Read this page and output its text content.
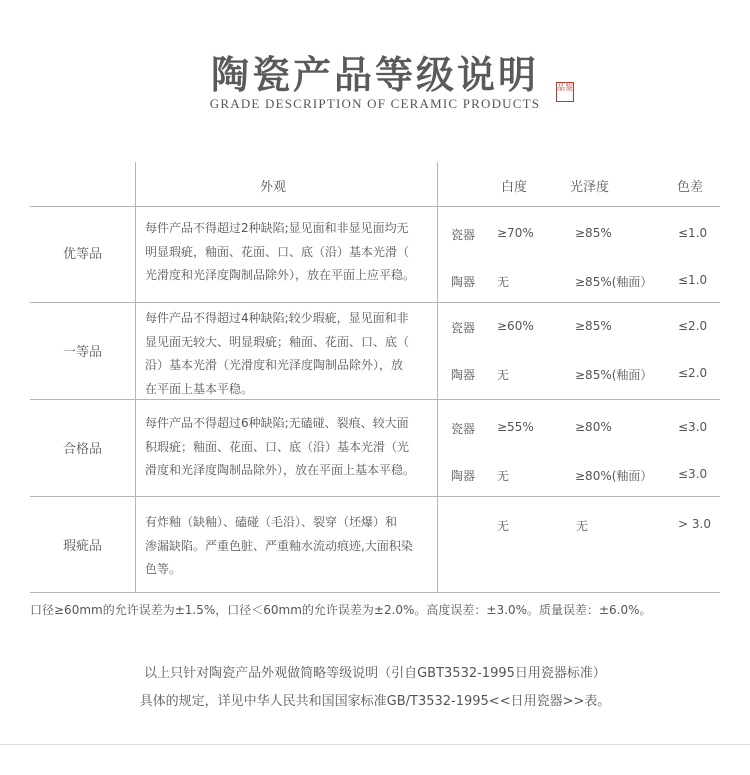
陶瓷产品等级说明
GRADE DESCRIPTION OF CERAMIC PRODUCTS
品鉴
外观	白度	光泽度	色差
优等品
每件产品不得超过2种缺陷;显见面和非显见面均无
明显瑕疵，釉面、花面、口、底（沿）基本光滑（
光滑度和光泽度陶制品除外），放在平面上应平稳。
瓷器 ≥70%	≥85%	≤1.0
陶器 无	≥85%(釉面） ≤1.0
一等品
每件产品不得超过4种缺陷;较少瑕疵，显见面和非
显见面无较大、明显瑕疵；釉面、花面、口、底（
沿）基本光滑（光滑度和光泽度陶制品除外），放
在平面上基本平稳。
瓷器 ≥60%	≥85%	≤2.0
陶器 无	≥85%(釉面） ≤2.0
合格品
每件产品不得超过6种缺陷;无磕碰、裂痕、较大面
积瑕疵；釉面、花面、口、底（沿）基本光滑（光
滑度和光泽度陶制品除外），放在平面上基本平稳。
瓷器 ≥55%	≥80%	≤3.0
陶器 无	≥80%(釉面） ≤3.0
瑕疵品
有炸釉（缺釉）、磕碰（毛沿）、裂穿（坯爆）和
渗漏缺陷。严重色脏、严重釉水流动痕迹,大面积染
色等。
无	无	> 3.0
口径≥60mm的允许误差为±1.5%，口径＜60mm的允许误差为±2.0%。高度误差：±3.0%。质量误差：±6.0%。
以上只针对陶瓷产品外观做简略等级说明（引自GBT3532-1995日用瓷器标准）
具体的规定，详见中华人民共和国国家标准GB/T3532-1995<<日用瓷器>>表。
